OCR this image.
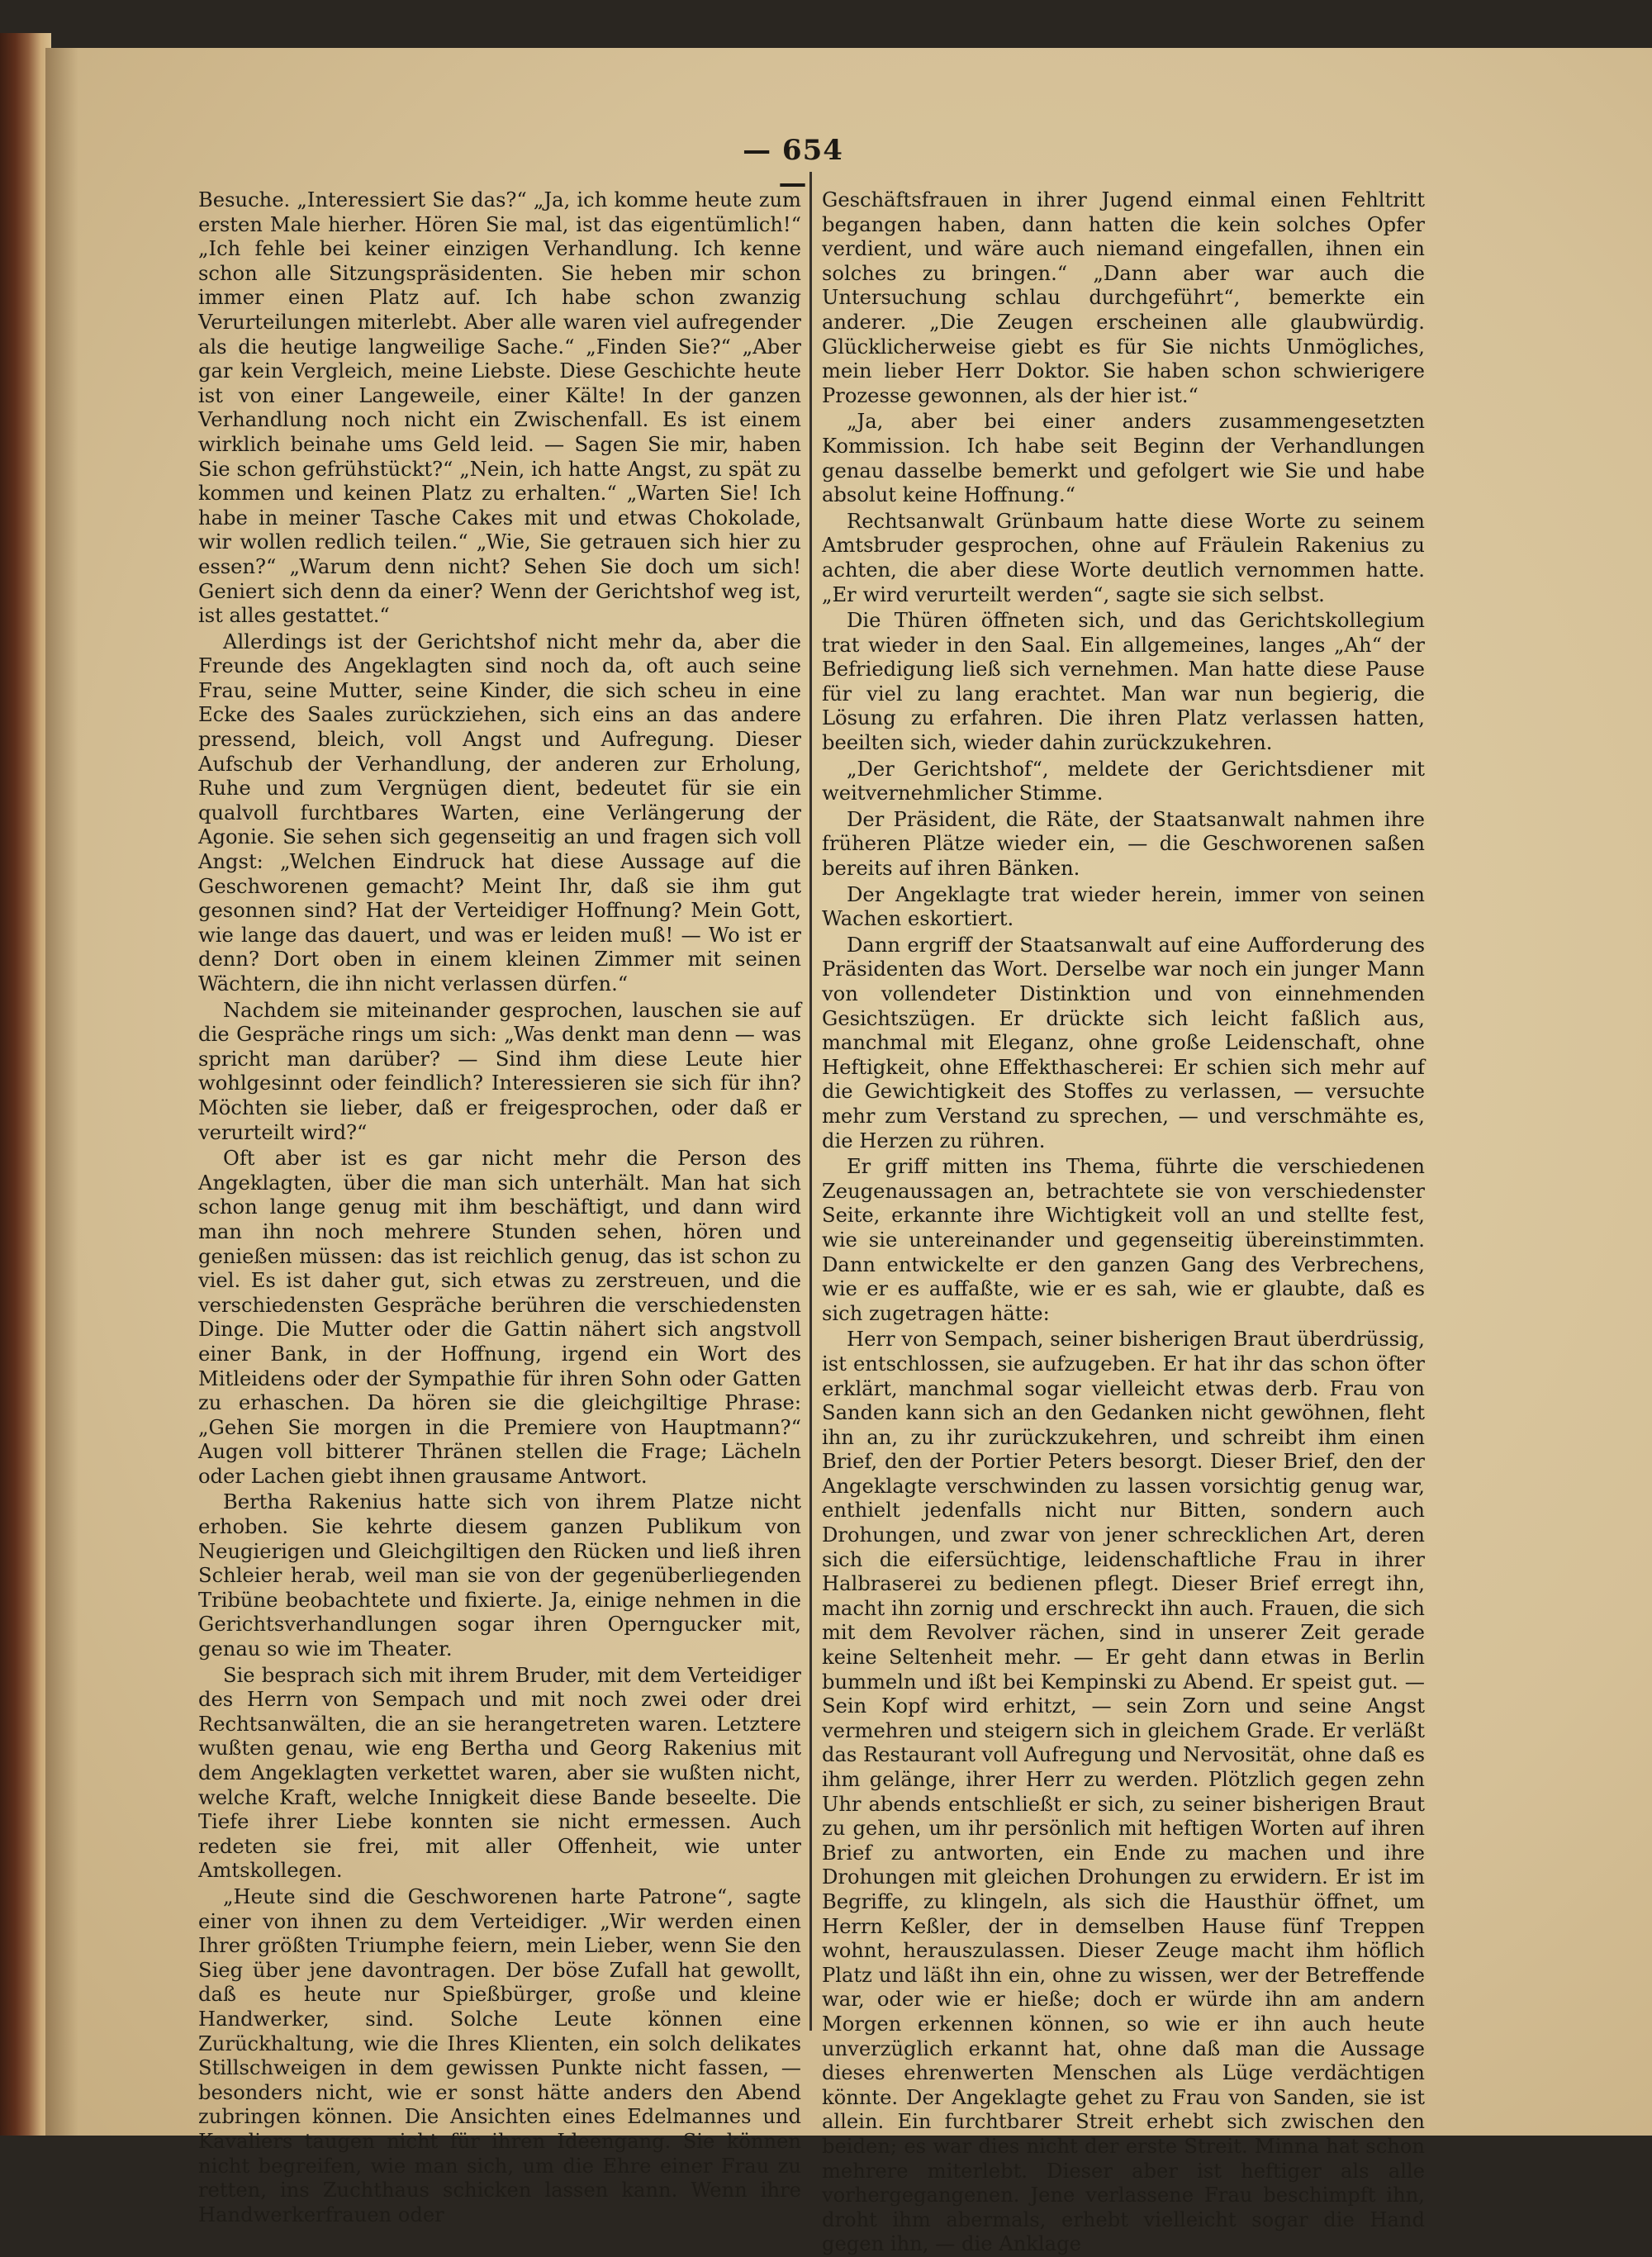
— 654 —

Besuche. „Interessiert Sie das?“ „Ja, ich komme heute zum ersten Male hierher. Hören Sie mal, ist das eigentümlich!“ „Ich fehle bei keiner einzigen Verhandlung. Ich kenne schon alle Sitzungspräsidenten. Sie heben mir schon immer einen Platz auf. Ich habe schon zwanzig Verurteilungen miterlebt. Aber alle waren viel aufregender als die heutige langweilige Sache.“ „Finden Sie?“ „Aber gar kein Vergleich, meine Liebste. Diese Geschichte heute ist von einer Langeweile, einer Kälte! In der ganzen Verhandlung noch nicht ein Zwischenfall. Es ist einem wirklich beinahe ums Geld leid. — Sagen Sie mir, haben Sie schon gefrühstückt?“ „Nein, ich hatte Angst, zu spät zu kommen und keinen Platz zu erhalten.“ „Warten Sie! Ich habe in meiner Tasche Cakes mit und etwas Chokolade, wir wollen redlich teilen.“ „Wie, Sie getrauen sich hier zu essen?“ „Warum denn nicht? Sehen Sie doch um sich! Geniert sich denn da einer? Wenn der Gerichtshof weg ist, ist alles gestattet.“

Allerdings ist der Gerichtshof nicht mehr da, aber die Freunde des Angeklagten sind noch da, oft auch seine Frau, seine Mutter, seine Kinder, die sich scheu in eine Ecke des Saales zurückziehen, sich eins an das andere pressend, bleich, voll Angst und Aufregung. Dieser Aufschub der Verhandlung, der anderen zur Erholung, Ruhe und zum Vergnügen dient, bedeutet für sie ein qualvoll furchtbares Warten, eine Verlängerung der Agonie. Sie sehen sich gegenseitig an und fragen sich voll Angst: „Welchen Eindruck hat diese Aussage auf die Geschworenen gemacht? Meint Ihr, daß sie ihm gut gesonnen sind? Hat der Verteidiger Hoffnung? Mein Gott, wie lange das dauert, und was er leiden muß! — Wo ist er denn? Dort oben in einem kleinen Zimmer mit seinen Wächtern, die ihn nicht verlassen dürfen.“

Nachdem sie miteinander gesprochen, lauschen sie auf die Gespräche rings um sich: „Was denkt man denn — was spricht man darüber? — Sind ihm diese Leute hier wohlgesinnt oder feindlich? Interessieren sie sich für ihn? Möchten sie lieber, daß er freigesprochen, oder daß er verurteilt wird?“

Oft aber ist es gar nicht mehr die Person des Angeklagten, über die man sich unterhält. Man hat sich schon lange genug mit ihm beschäftigt, und dann wird man ihn noch mehrere Stunden sehen, hören und genießen müssen: das ist reichlich genug, das ist schon zu viel. Es ist daher gut, sich etwas zu zerstreuen, und die verschiedensten Gespräche berühren die verschiedensten Dinge. Die Mutter oder die Gattin nähert sich angstvoll einer Bank, in der Hoffnung, irgend ein Wort des Mitleidens oder der Sympathie für ihren Sohn oder Gatten zu erhaschen. Da hören sie die gleichgiltige Phrase: „Gehen Sie morgen in die Premiere von Hauptmann?“ Augen voll bitterer Thränen stellen die Frage; Lächeln oder Lachen giebt ihnen grausame Antwort.

Bertha Rakenius hatte sich von ihrem Platze nicht erhoben. Sie kehrte diesem ganzen Publikum von Neugierigen und Gleichgiltigen den Rücken und ließ ihren Schleier herab, weil man sie von der gegenüberliegenden Tribüne beobachtete und fixierte. Ja, einige nehmen in die Gerichtsverhandlungen sogar ihren Operngucker mit, genau so wie im Theater.

Sie besprach sich mit ihrem Bruder, mit dem Verteidiger des Herrn von Sempach und mit noch zwei oder drei Rechtsanwälten, die an sie herangetreten waren. Letztere wußten genau, wie eng Bertha und Georg Rakenius mit dem Angeklagten verkettet waren, aber sie wußten nicht, welche Kraft, welche Innigkeit diese Bande beseelte. Die Tiefe ihrer Liebe konnten sie nicht ermessen. Auch redeten sie frei, mit aller Offenheit, wie unter Amtskollegen.

„Heute sind die Geschworenen harte Patrone“, sagte einer von ihnen zu dem Verteidiger. „Wir werden einen Ihrer größten Triumphe feiern, mein Lieber, wenn Sie den Sieg über jene davontragen. Der böse Zufall hat gewollt, daß es heute nur Spießbürger, große und kleine Handwerker, sind. Solche Leute können eine Zurückhaltung, wie die Ihres Klienten, ein solch delikates Stillschweigen in dem gewissen Punkte nicht fassen, — besonders nicht, wie er sonst hätte anders den Abend zubringen können. Die Ansichten eines Edelmannes und Kavaliers taugen nicht für ihren Ideengang. Sie können nicht begreifen, wie man sich, um die Ehre einer Frau zu retten, ins Zuchthaus schicken lassen kann. Wenn ihre Handwerkerfrauen oder

Geschäftsfrauen in ihrer Jugend einmal einen Fehltritt begangen haben, dann hatten die kein solches Opfer verdient, und wäre auch niemand eingefallen, ihnen ein solches zu bringen.“ „Dann aber war auch die Untersuchung schlau durchgeführt“, bemerkte ein anderer. „Die Zeugen erscheinen alle glaubwürdig. Glücklicherweise giebt es für Sie nichts Unmögliches, mein lieber Herr Doktor. Sie haben schon schwierigere Prozesse gewonnen, als der hier ist.“

„Ja, aber bei einer anders zusammengesetzten Kommission. Ich habe seit Beginn der Verhandlungen genau dasselbe bemerkt und gefolgert wie Sie und habe absolut keine Hoffnung.“

Rechtsanwalt Grünbaum hatte diese Worte zu seinem Amtsbruder gesprochen, ohne auf Fräulein Rakenius zu achten, die aber diese Worte deutlich vernommen hatte. „Er wird verurteilt werden“, sagte sie sich selbst.

Die Thüren öffneten sich, und das Gerichtskollegium trat wieder in den Saal. Ein allgemeines, langes „Ah“ der Befriedigung ließ sich vernehmen. Man hatte diese Pause für viel zu lang erachtet. Man war nun begierig, die Lösung zu erfahren. Die ihren Platz verlassen hatten, beeilten sich, wieder dahin zurückzukehren.

„Der Gerichtshof“, meldete der Gerichtsdiener mit weitvernehmlicher Stimme.

Der Präsident, die Räte, der Staatsanwalt nahmen ihre früheren Plätze wieder ein, — die Geschworenen saßen bereits auf ihren Bänken.

Der Angeklagte trat wieder herein, immer von seinen Wachen eskortiert.

Dann ergriff der Staatsanwalt auf eine Aufforderung des Präsidenten das Wort. Derselbe war noch ein junger Mann von vollendeter Distinktion und von einnehmenden Gesichtszügen. Er drückte sich leicht faßlich aus, manchmal mit Eleganz, ohne große Leidenschaft, ohne Heftigkeit, ohne Effekthascherei: Er schien sich mehr auf die Gewichtigkeit des Stoffes zu verlassen, — versuchte mehr zum Verstand zu sprechen, — und verschmähte es, die Herzen zu rühren.

Er griff mitten ins Thema, führte die verschiedenen Zeugenaussagen an, betrachtete sie von verschiedenster Seite, erkannte ihre Wichtigkeit voll an und stellte fest, wie sie untereinander und gegenseitig übereinstimmten. Dann entwickelte er den ganzen Gang des Verbrechens, wie er es auffaßte, wie er es sah, wie er glaubte, daß es sich zugetragen hätte:

Herr von Sempach, seiner bisherigen Braut überdrüssig, ist entschlossen, sie aufzugeben. Er hat ihr das schon öfter erklärt, manchmal sogar vielleicht etwas derb. Frau von Sanden kann sich an den Gedanken nicht gewöhnen, fleht ihn an, zu ihr zurückzukehren, und schreibt ihm einen Brief, den der Portier Peters besorgt. Dieser Brief, den der Angeklagte verschwinden zu lassen vorsichtig genug war, enthielt jedenfalls nicht nur Bitten, sondern auch Drohungen, und zwar von jener schrecklichen Art, deren sich die eifersüchtige, leidenschaftliche Frau in ihrer Halbraserei zu bedienen pflegt. Dieser Brief erregt ihn, macht ihn zornig und erschreckt ihn auch. Frauen, die sich mit dem Revolver rächen, sind in unserer Zeit gerade keine Seltenheit mehr. — Er geht dann etwas in Berlin bummeln und ißt bei Kempinski zu Abend. Er speist gut. — Sein Kopf wird erhitzt, — sein Zorn und seine Angst vermehren und steigern sich in gleichem Grade. Er verläßt das Restaurant voll Aufregung und Nervosität, ohne daß es ihm gelänge, ihrer Herr zu werden. Plötzlich gegen zehn Uhr abends entschließt er sich, zu seiner bisherigen Braut zu gehen, um ihr persönlich mit heftigen Worten auf ihren Brief zu antworten, ein Ende zu machen und ihre Drohungen mit gleichen Drohungen zu erwidern. Er ist im Begriffe, zu klingeln, als sich die Hausthür öffnet, um Herrn Keßler, der in demselben Hause fünf Treppen wohnt, herauszulassen. Dieser Zeuge macht ihm höflich Platz und läßt ihn ein, ohne zu wissen, wer der Betreffende war, oder wie er hieße; doch er würde ihn am andern Morgen erkennen können, so wie er ihn auch heute unverzüglich erkannt hat, ohne daß man die Aussage dieses ehrenwerten Menschen als Lüge verdächtigen könnte. Der Angeklagte gehet zu Frau von Sanden, sie ist allein. Ein furchtbarer Streit erhebt sich zwischen den beiden; es war dies nicht der erste Streit. Minna hat schon mehrere miterlebt. Dieser aber ist heftiger als alle vorhergegangenen. Jene verlassene Frau beschimpft ihn, droht ihm abermals, erhebt vielleicht sogar die Hand gegen ihn, — die Anklage
